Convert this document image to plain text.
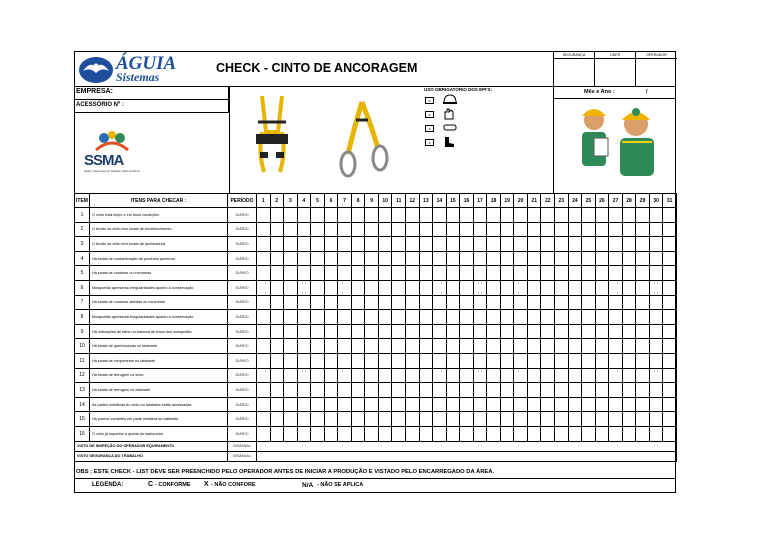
ÁGUIA
Sistemas
CHECK - CINTO DE ANCORAGEM
SEGURANÇA	LIDER	OPERADOR
EMPRESA:
ACESSÓRIO Nº :
SSMA
Saúde | Segurança do Trabalho | Meio Ambiente
USO OBRIGATÓRIO DOS EPI'S:
x
x
x
x
Mês e Ano :	/
ITEM	ITENS PARA CHECAR :	PERÍODO	1	2	3	4	5	6	7	8	9	10	11	12	13	14	15	16	17	18	19	20	21	22	23	24	25	26	27	28	29	30	31
1	O cinto está limpo e em bozs condições	DIÁRIO																															
2	O tecido do cinto tem sinais de envelhecimento	DIÁRIO																															
3	O tecido do cinto tem sinais de queimadura	DIÁRIO																															
4	Há sinais de contaminação de produtos químicos	DIÁRIO																															
5	Há sinais de costuras ou incorretas	DIÁRIO																															
6	Mosquetão apresenta irregularidades quanto a conservação	DIÁRIO																															
7	Há sinais de costuras abertas ou incorretas	DIÁRIO																															
8	Mosquetão apresenta irregularidades quanto a conservação	DIÁRIO																															
9	Há indicações de falha no sistema de trava dos mosquetão	DIÁRIO																															
10	Há sinais de queimaduras no talabarte	DIÁRIO																															
11	Há sinais de rompimento no talabarte	DIÁRIO																															
12	Há sinais de ferrugem no cinto	DIÁRIO																															
13	Há sinais de ferrugem no talabarte	DIÁRIO																															
14	As partes metálicas do cinto ou talabarte estão amassadas	DIÁRIO																															
15	Há pontos cortantes em parte metálica do talabarte	DIÁRIO																															
16	O cinto já suportou a queda do elaborador	DIÁRIO																															
VISTO DE INSPEÇÃO DO OPERADOR EQUIPAMENTO		SEMANAL																															
VISTO SEGURANÇA DO TRABALHO		SEMANAL																															
OBS : ESTE CHECK - LIST DEVE SER PREENCHIDO PELO OPERADOR ANTES DE INICIAR A PRODUÇÃO E VISTADO PELO ENCARREGADO DA ÁREA.
LEGENDA:	C - CONFORME X - NÃO CONFORE	N/A - NÃO SE APLICA
